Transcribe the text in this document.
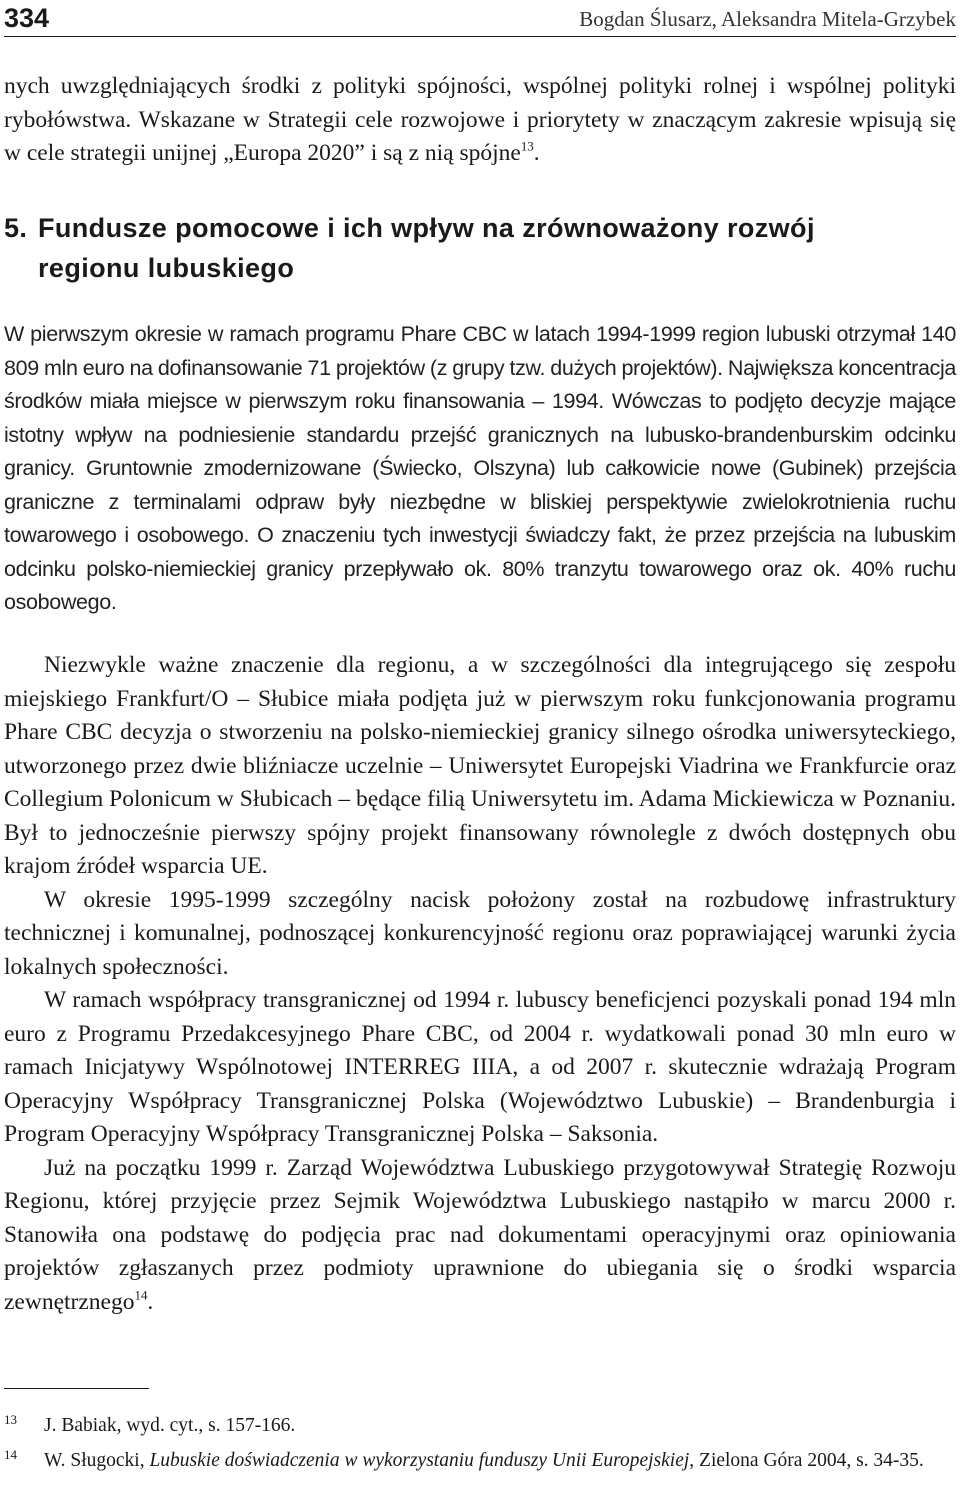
334	Bogdan Ślusarz, Aleksandra Mitela-Grzybek

nych uwzględniających środki z polityki spójności, wspólnej polityki rolnej i wspólnej polityki rybołówstwa. Wskazane w Strategii cele rozwojowe i priorytety w znaczącym zakresie wpisują się w cele strategii unijnej „Europa 2020” i są z nią spójne$^{13}$.

5. Fundusze pomocowe i ich wpływ na zrównoważony rozwój
regionu lubuskiego

W pierwszym okresie w ramach programu Phare CBC w latach 1994-1999 region lubuski otrzymał 140 809 mln euro na dofinansowanie 71 projektów (z grupy tzw. dużych projektów). Największa koncentracja środków miała miejsce w pierwszym roku finansowania – 1994. Wówczas to podjęto decyzje mające istotny wpływ na podniesienie standardu przejść granicznych na lubusko-brandenburskim odcinku granicy. Gruntownie zmodernizowane (Świecko, Olszyna) lub całkowicie nowe (Gubinek) przejścia graniczne z terminalami odpraw były niezbędne w bliskiej perspektywie zwielokrotnienia ruchu towarowego i osobowego. O znaczeniu tych inwestycji świadczy fakt, że przez przejścia na lubuskim odcinku polsko-niemieckiej granicy przepływało ok. 80% tranzytu towarowego oraz ok. 40% ruchu osobowego.

Niezwykle ważne znaczenie dla regionu, a w szczególności dla integrującego się zespołu miejskiego Frankfurt/O – Słubice miała podjęta już w pierwszym roku funkcjonowania programu Phare CBC decyzja o stworzeniu na polsko-niemieckiej granicy silnego ośrodka uniwersyteckiego, utworzonego przez dwie bliźniacze uczelnie – Uniwersytet Europejski Viadrina we Frankfurcie oraz Collegium Polonicum w Słubicach – będące filią Uniwersytetu im. Adama Mickiewicza w Poznaniu. Był to jednocześnie pierwszy spójny projekt finansowany równolegle z dwóch dostępnych obu krajom źródeł wsparcia UE.

W okresie 1995-1999 szczególny nacisk położony został na rozbudowę infrastruktury technicznej i komunalnej, podnoszącej konkurencyjność regionu oraz poprawiającej warunki życia lokalnych społeczności.

W ramach współpracy transgranicznej od 1994 r. lubuscy beneficjenci pozyskali ponad 194 mln euro z Programu Przedakcesyjnego Phare CBC, od 2004 r. wydatkowali ponad 30 mln euro w ramach Inicjatywy Wspólnotowej INTERREG IIIA, a od 2007 r. skutecznie wdrażają Program Operacyjny Współpracy Transgranicznej Polska (Województwo Lubuskie) – Brandenburgia i Program Operacyjny Współpracy Transgranicznej Polska – Saksonia.

Już na początku 1999 r. Zarząd Województwa Lubuskiego przygotowywał Strategię Rozwoju Regionu, której przyjęcie przez Sejmik Województwa Lubuskiego nastąpiło w marcu 2000 r. Stanowiła ona podstawę do podjęcia prac nad dokumentami operacyjnymi oraz opiniowania projektów zgłaszanych przez podmioty uprawnione do ubiegania się o środki wsparcia zewnętrznego$^{14}$.

13 J. Babiak, wyd. cyt., s. 157-166.

14 W. Sługocki, Lubuskie doświadczenia w wykorzystaniu funduszy Unii Europejskiej, Zielona Góra 2004, s. 34-35.
